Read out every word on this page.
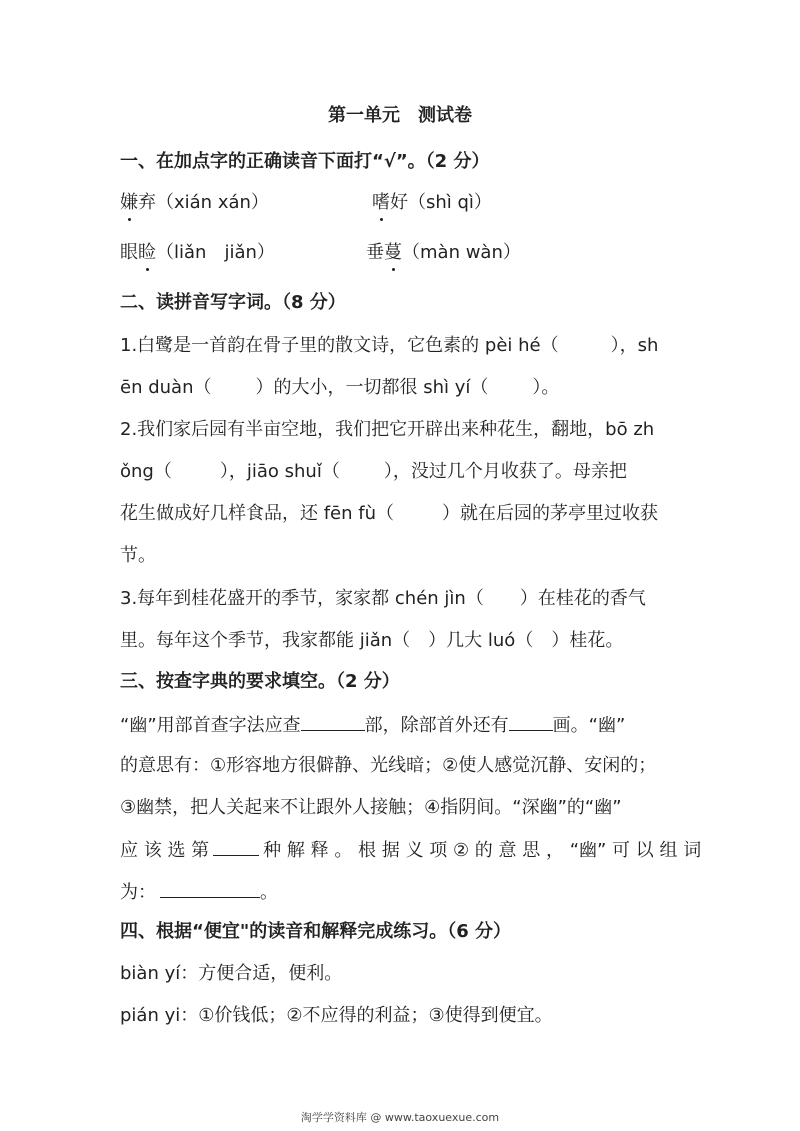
第一单元　测试卷
一、在加点字的正确读音下面打“√”。（2 分）
嫌弃（xián xán）	嗜好（shì qì）
眼睑（liǎn　jiǎn）	垂蔓（màn wàn）
二、读拼音写字词。（8 分）
1.白鹭是一首韵在骨子里的散文诗，它色素的 pèi hé（	），sh
ēn duàn（ ）的大小，一切都很 shì yí（ ）。
2.我们家后园有半亩空地，我们把它开辟出来种花生，翻地，bō zh
ǒng（	），jiāo shuǐ（ ），没过几个月收获了。母亲把
花生做成好几样食品，还 fēn fù（	）就在后园的茅亭里过收获
节。
3.每年到桂花盛开的季节，家家都 chén jìn（ ）在桂花的香气
里。每年这个季节，我家都能 jiǎn（ ）几大 luó（ ）桂花。
三、按查字典的要求填空。（2 分）
“幽”用部首查字法应查	部，除部首外还有 画。“幽”
的意思有：①形容地方很僻静、光线暗；②使人感觉沉静、安闲的；
③幽禁，把人关起来不让跟外人接触；④指阴间。“深幽”的“幽”
应 该 选 第	种 解 释 。 根 据 义 项 ② 的 意 思 ， “幽” 可 以 组 词
为：	。
四、根据“便宜"的读音和解释完成练习。（6 分）
biàn yí：方便合适，便利。
pián yi：①价钱低；②不应得的利益；③使得到便宜。
淘学学资料库 @ www.taoxuexue.com
